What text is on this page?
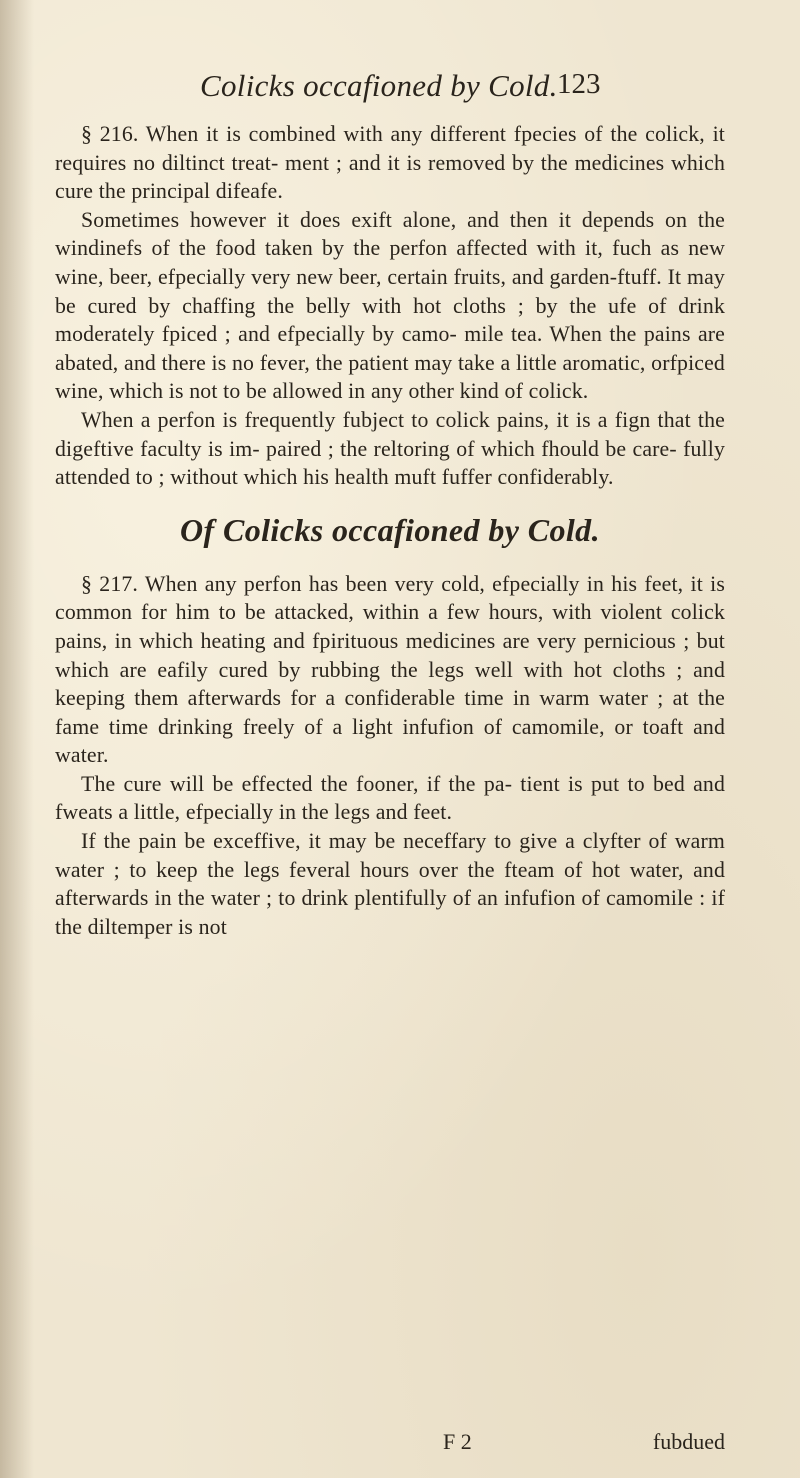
Colicks occafioned by Cold. 123

§ 216. When it is combined with any different fpecies of the colick, it requires no diltinct treat- ment ; and it is removed by the medicines which cure the principal difeafe.

Sometimes however it does exift alone, and then it depends on the windinefs of the food taken by the perfon affected with it, fuch as new wine, beer, efpecially very new beer, certain fruits, and garden-ftuff. It may be cured by chaffing the belly with hot cloths ; by the ufe of drink moderately fpiced ; and efpecially by camo- mile tea. When the pains are abated, and there is no fever, the patient may take a little aromatic, orfpiced wine, which is not to be allowed in any other kind of colick.

When a perfon is frequently fubject to colick pains, it is a fign that the digeftive faculty is im- paired ; the reltoring of which fhould be care- fully attended to ; without which his health muft fuffer confiderably.

Of Colicks occafioned by Cold.

§ 217. When any perfon has been very cold, efpecially in his feet, it is common for him to be attacked, within a few hours, with violent colick pains, in which heating and fpirituous medicines are very pernicious ; but which are eafily cured by rubbing the legs well with hot cloths ; and keeping them afterwards for a confiderable time in warm water ; at the fame time drinking freely of a light infufion of camomile, or toaft and water.

The cure will be effected the fooner, if the pa- tient is put to bed and fweats a little, efpecially in the legs and feet.

If the pain be exceffive, it may be neceffary to give a clyfter of warm water ; to keep the legs feveral hours over the fteam of hot water, and afterwards in the water ; to drink plentifully of an infufion of camomile : if the diltemper is not

F 2	fubdued
